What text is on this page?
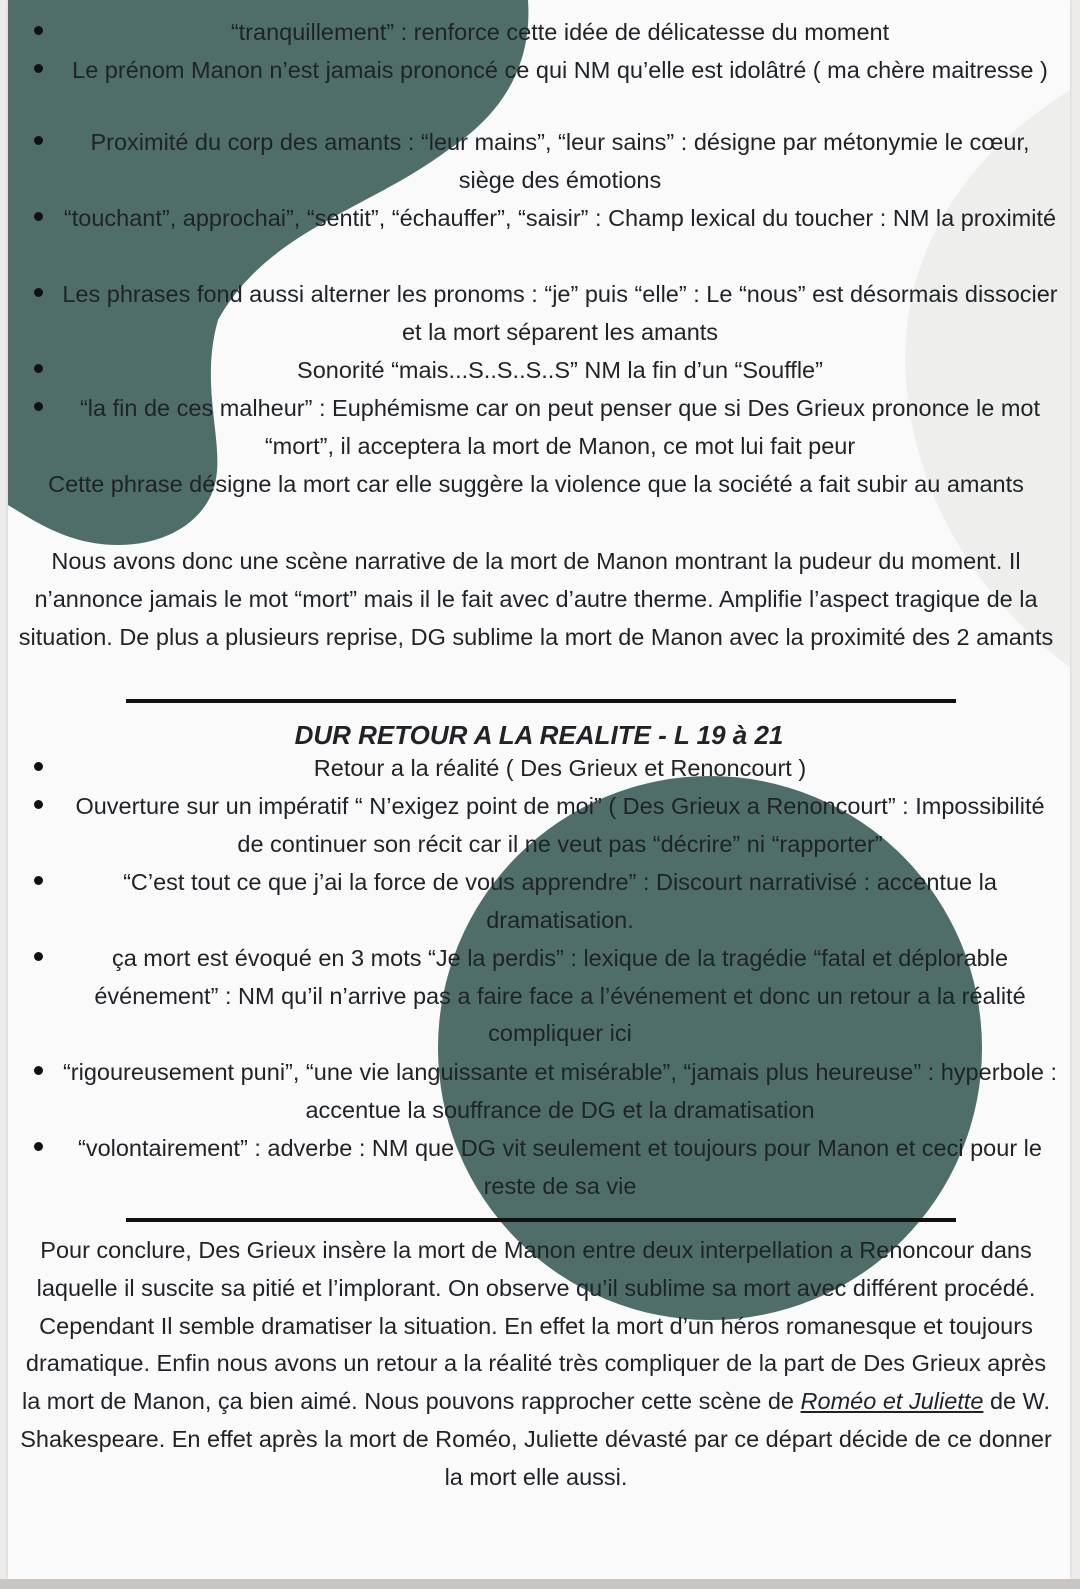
“tranquillement” : renforce cette idée de délicatesse du moment

Le prénom Manon n’est jamais prononcé ce qui NM qu’elle est idolâtré ( ma chère maitresse )

Proximité du corp des amants : “leur mains”, “leur sains” : désigne par métonymie le cœur, siège des émotions

“touchant”, approchai”, “sentit”, “échauffer”, “saisir” : Champ lexical du toucher : NM la proximité

Les phrases fond aussi alterner les pronoms : “je” puis “elle” : Le “nous” est désormais dissocier et la mort séparent les amants

Sonorité “mais...S..S..S..S” NM la fin d’un “Souffle”

“la fin de ces malheur” : Euphémisme car on peut penser que si Des Grieux prononce le mot “mort”, il acceptera la mort de Manon, ce mot lui fait peur

Cette phrase désigne la mort car elle suggère la violence que la société a fait subir au amants

Nous avons donc une scène narrative de la mort de Manon montrant la pudeur du moment. Il n’annonce jamais le mot “mort” mais il le fait avec d’autre therme. Amplifie l’aspect tragique de la situation. De plus a plusieurs reprise, DG sublime la mort de Manon avec la proximité des 2 amants

DUR RETOUR A LA REALITE - L 19 à 21

Retour a la réalité ( Des Grieux et Renoncourt )

Ouverture sur un impératif “ N’exigez point de moi” ( Des Grieux a Renoncourt” : Impossibilité de continuer son récit car il ne veut pas “décrire” ni “rapporter”

“C’est tout ce que j’ai la force de vous apprendre” : Discourt narrativisé : accentue la dramatisation.

ça mort est évoqué en 3 mots “Je la perdis” : lexique de la tragédie “fatal et déplorable événement” : NM qu’il n’arrive pas a faire face a l’événement et donc un retour a la réalité compliquer ici

“rigoureusement puni”, “une vie languissante et misérable”, “jamais plus heureuse” : hyperbole : accentue la souffrance de DG et la dramatisation

“volontairement” : adverbe : NM que DG vit seulement et toujours pour Manon et ceci pour le reste de sa vie

Pour conclure, Des Grieux insère la mort de Manon entre deux interpellation a Renoncour dans laquelle il suscite sa pitié et l’implorant. On observe qu’il sublime sa mort avec différent procédé. Cependant Il semble dramatiser la situation. En effet la mort d’un héros romanesque et toujours dramatique. Enfin nous avons un retour a la réalité très compliquer de la part de Des Grieux après la mort de Manon, ça bien aimé. Nous pouvons rapprocher cette scène de Roméo et Juliette de W. Shakespeare. En effet après la mort de Roméo, Juliette dévasté par ce départ décide de ce donner la mort elle aussi.
